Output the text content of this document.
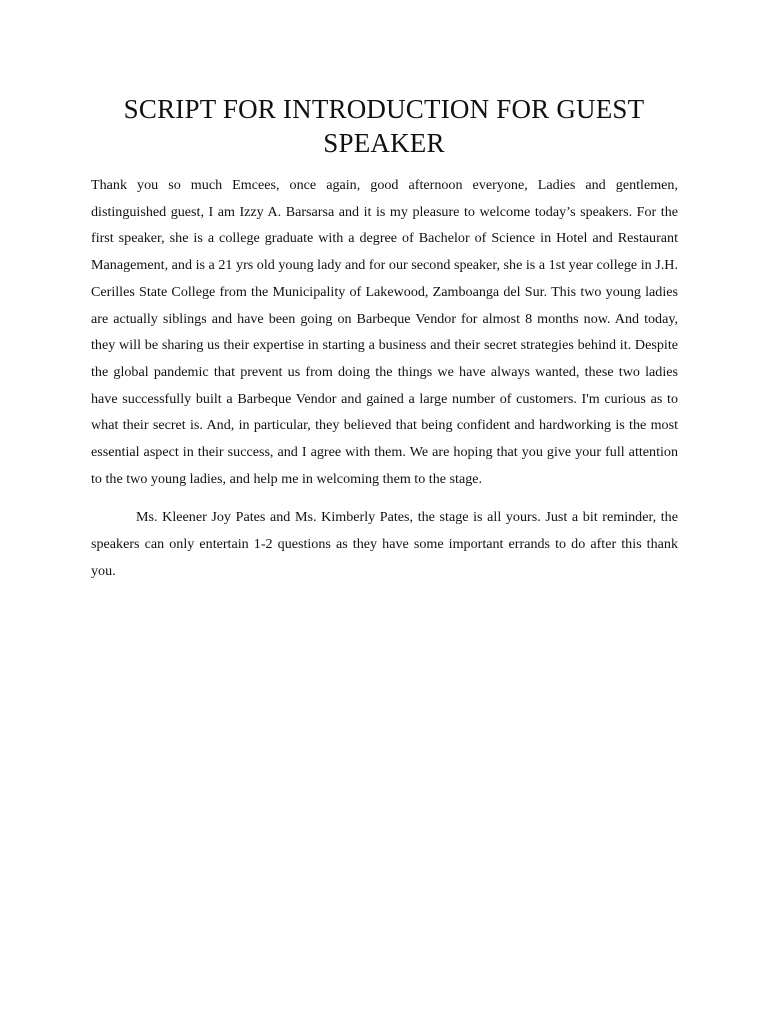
SCRIPT FOR INTRODUCTION FOR GUEST SPEAKER

Thank you so much Emcees, once again, good afternoon everyone, Ladies and gentlemen, distinguished guest, I am Izzy A. Barsarsa and it is my pleasure to welcome today’s speakers. For the first speaker, she is a college graduate with a degree of Bachelor of Science in Hotel and Restaurant Management, and is a 21 yrs old young lady and for our second speaker, she is a 1st year college in J.H. Cerilles State College from the Municipality of Lakewood, Zamboanga del Sur. This two young ladies are actually siblings and have been going on Barbeque Vendor for almost 8 months now. And today, they will be sharing us their expertise in starting a business and their secret strategies behind it. Despite the global pandemic that prevent us from doing the things we have always wanted, these two ladies have successfully built a Barbeque Vendor and gained a large number of customers. I'm curious as to what their secret is. And, in particular, they believed that being confident and hardworking is the most essential aspect in their success, and I agree with them. We are hoping that you give your full attention to the two young ladies, and help me in welcoming them to the stage.

Ms. Kleener Joy Pates and Ms. Kimberly Pates, the stage is all yours. Just a bit reminder, the speakers can only entertain 1-2 questions as they have some important errands to do after this thank you.
